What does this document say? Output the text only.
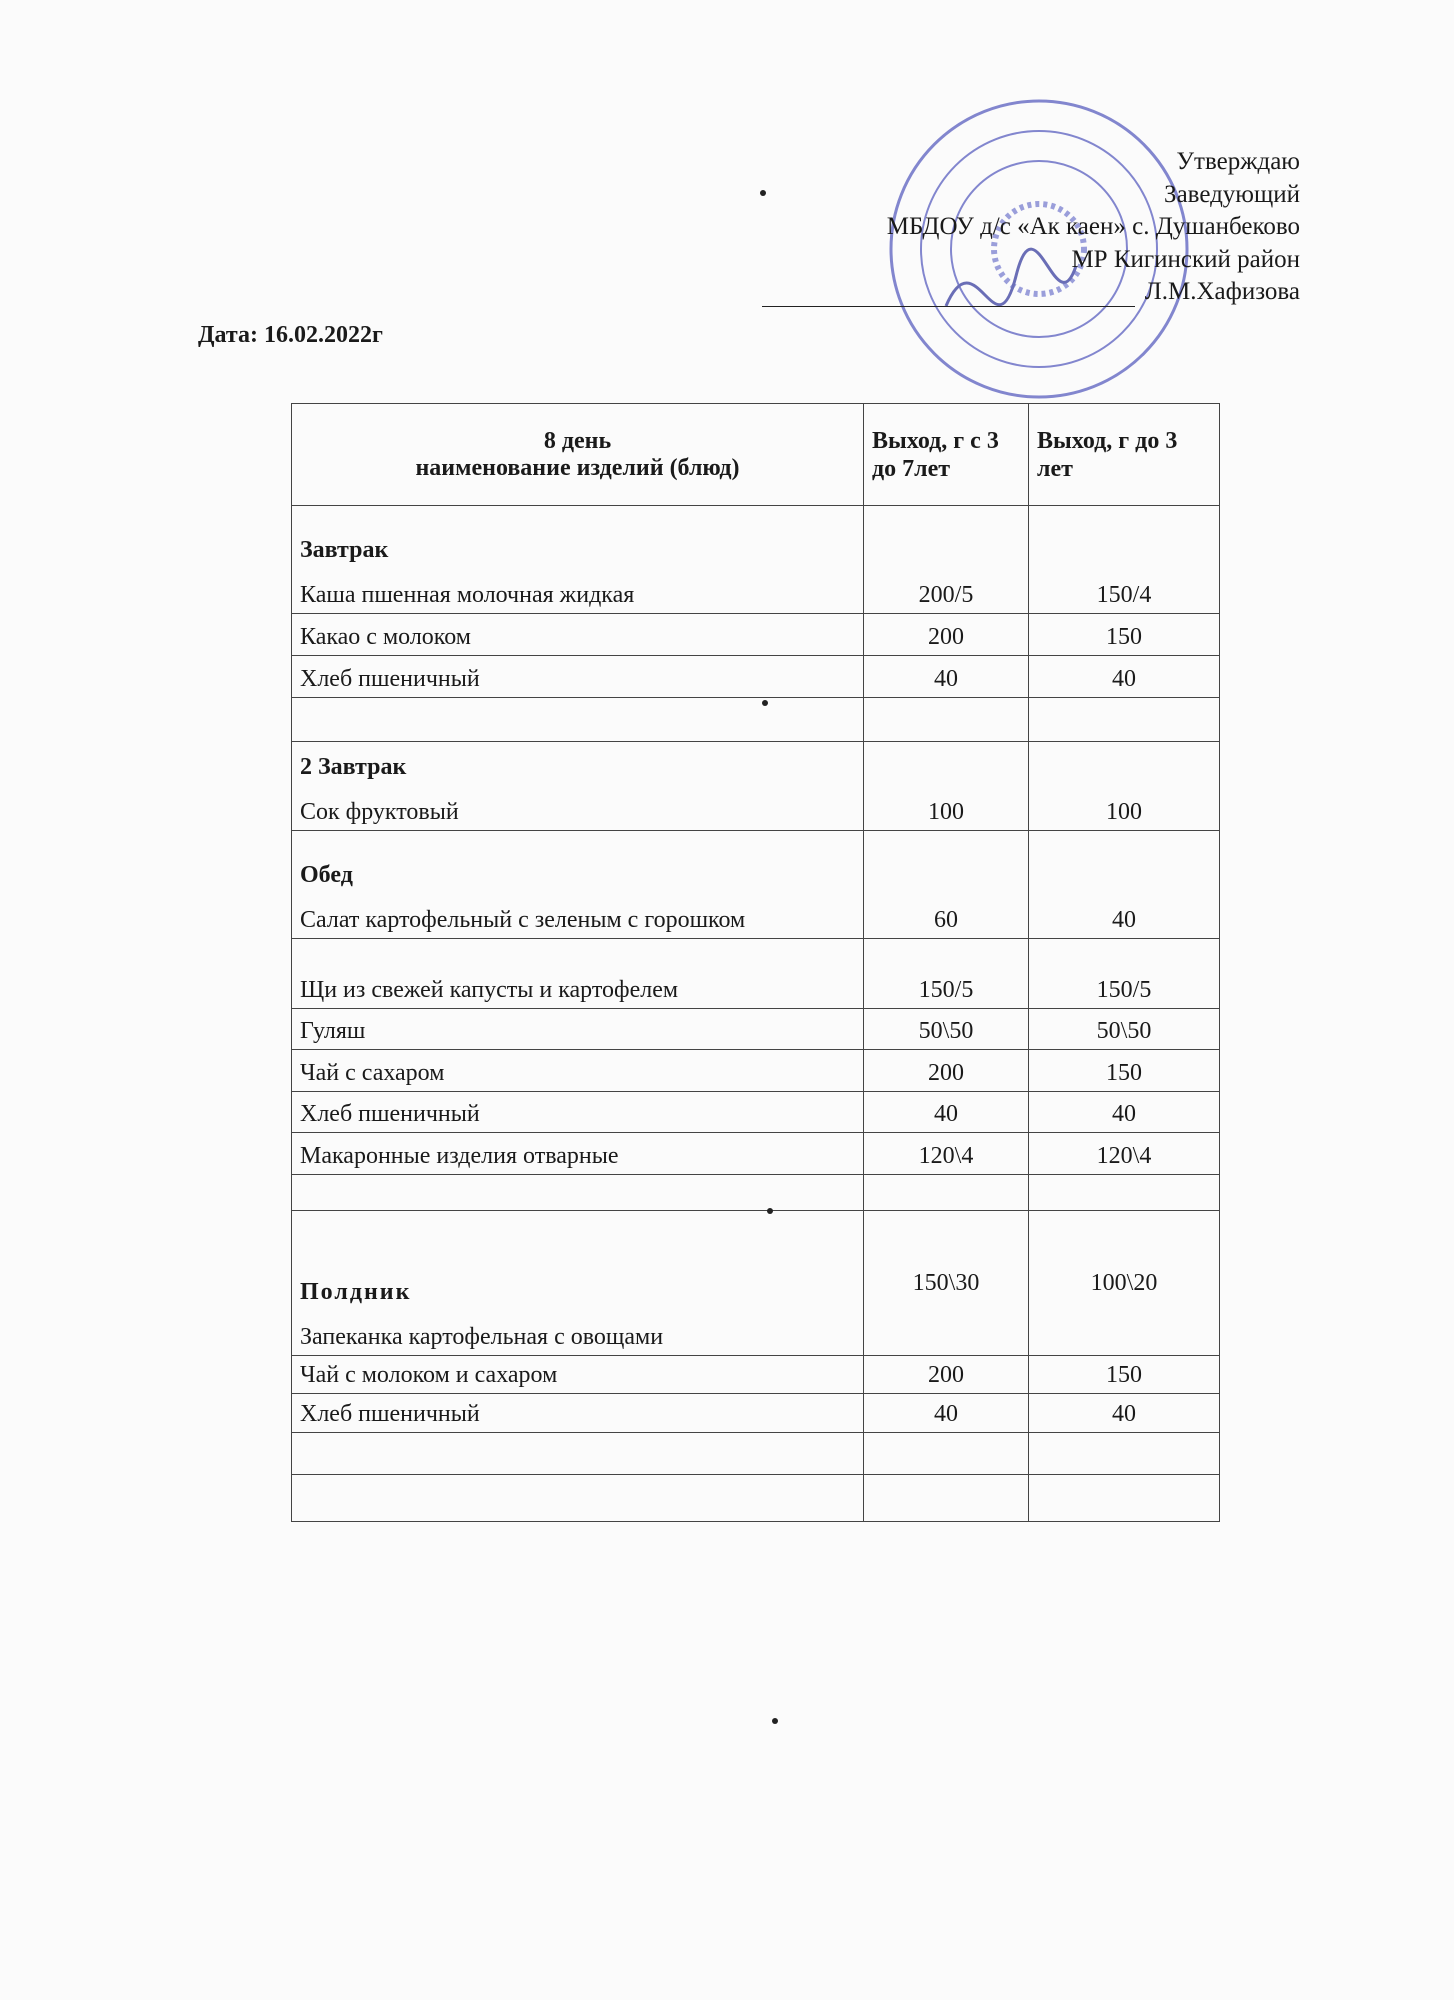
Утверждаю
Заведующий
МБДОУ д/с «Ак каен» с. Душанбеково
МР Кигинский район
Л.М.Хафизова
Дата: 16.02.2022г
8 день
наименование изделий (блюд)	Выход, г с 3 до 7лет	Выход, г до 3 лет

Завтрак
Каша пшенная молочная жидкая	200/5	150/4
Какао с молоком	200	150
Хлеб пшеничный	40	40

2 Завтрак
Сок фруктовый	100	100

Обед
Салат картофельный с зеленым с горошком	60	40
Щи из свежей капусты и картофелем	150/5	150/5
Гуляш	50\50	50\50
Чай с сахаром	200	150
Хлеб пшеничный	40	40
Макаронные изделия отварные	120\4	120\4

Полдник
Запеканка картофельная с овощами	150\30	100\20
Чай с молоком и сахаром	200	150
Хлеб пшеничный	40	40
